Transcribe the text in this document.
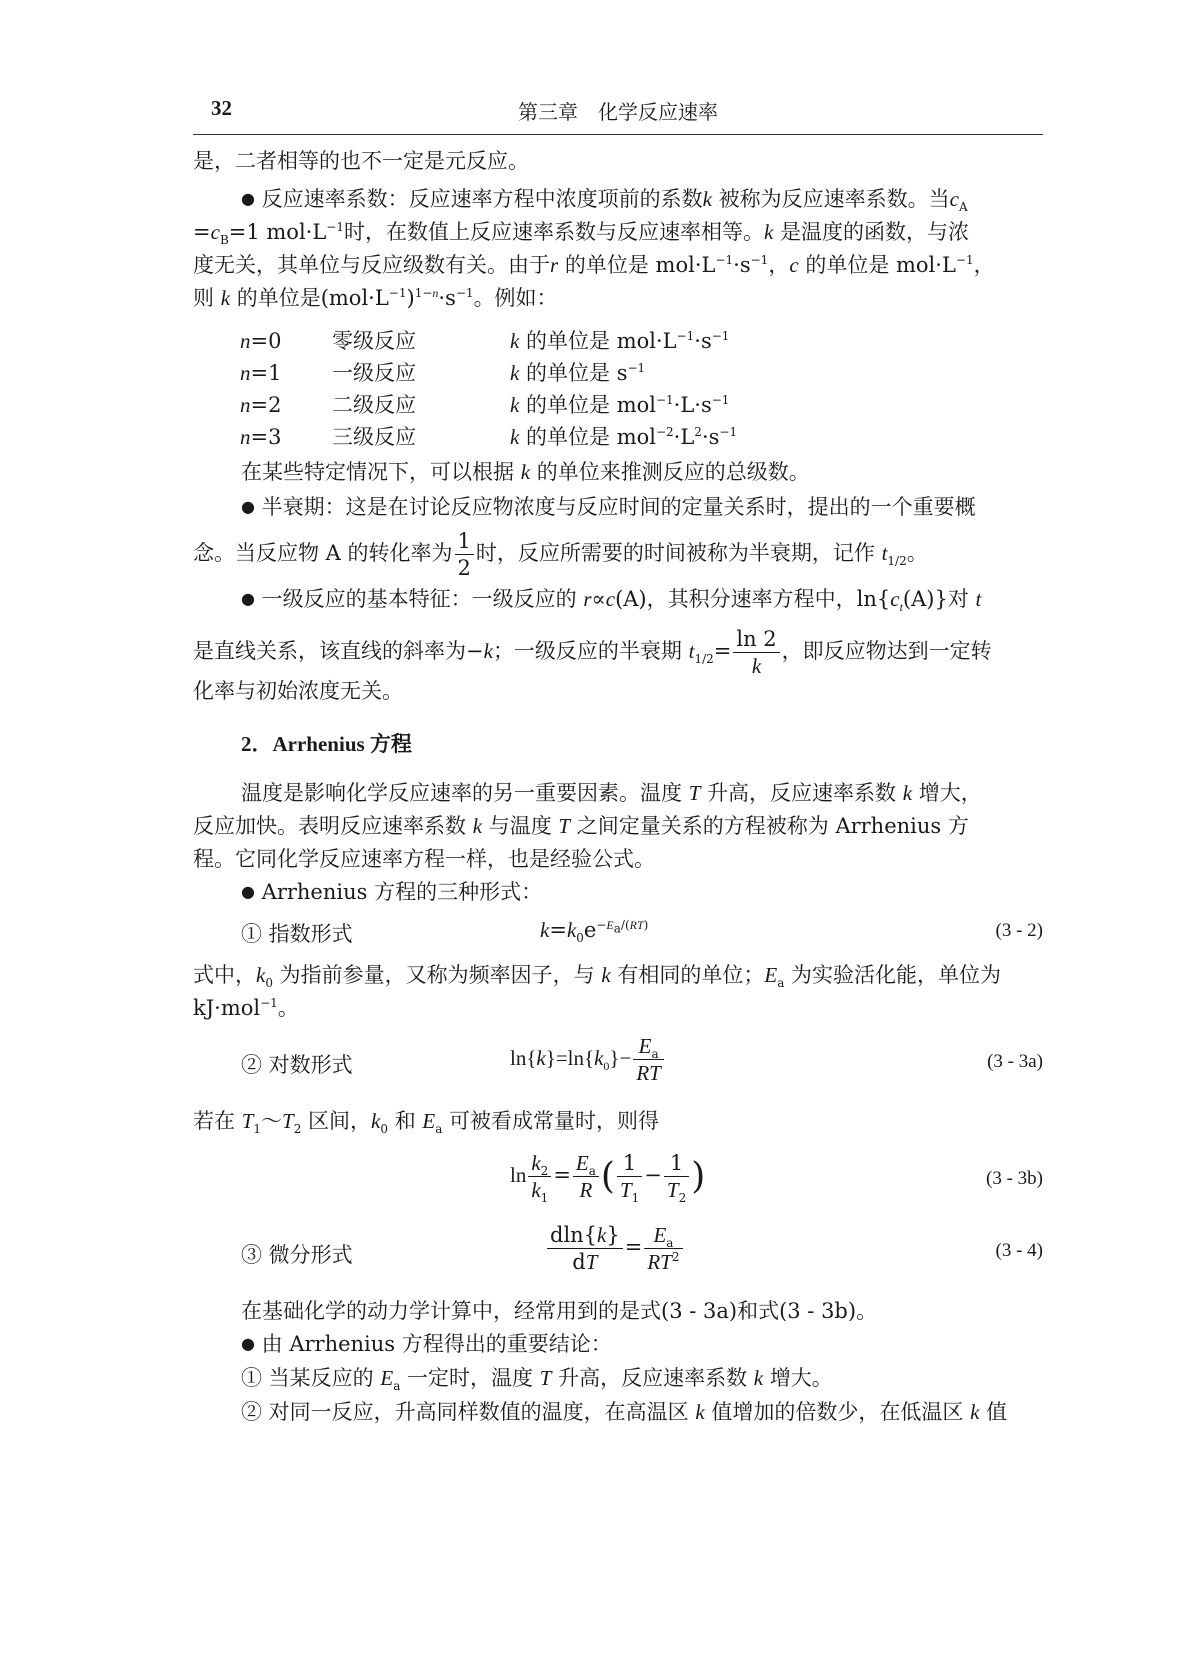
32	第三章　化学反应速率
是，二者相等的也不一定是元反应。
● 反应速率系数：反应速率方程中浓度项前的系数k 被称为反应速率系数。当$c_A$
$=c_B=1$ $mol\cdot L^{-1}$时，在数值上反应速率系数与反应速率相等。k 是温度的函数，与浓
度无关，其单位与反应级数有关。由于r 的单位是 $mol\cdot L^{-1}\cdot s^{-1}$，c 的单位是 $mol\cdot L^{-1}$，
则 k 的单位是$(mol\cdot L^{-1})^{1-n}\cdot s^{-1}$。例如：
n=0 零级反应	k 的单位是 $mol\cdot L^{-1}\cdot s^{-1}$
n=1 一级反应	k 的单位是 $s^{-1}$
n=2 二级反应	k 的单位是 $mol^{-1}\cdot L\cdot s^{-1}$
n=3 三级反应	k 的单位是 $mol^{-2}\cdot L^2\cdot s^{-1}$
在某些特定情况下，可以根据 k 的单位来推测反应的总级数。
● 半衰期：这是在讨论反应物浓度与反应时间的定量关系时，提出的一个重要概
念。当反应物 A 的转化率为 $\frac{1}{2}$ 时，反应所需要的时间被称为半衰期，记作 $t_{1/2}$。
● 一级反应的基本特征：一级反应的 r∝c(A)，其积分速率方程中，$\ln\{c_t(A)\}$对 t
是直线关系，该直线的斜率为−k；一级反应的半衰期 $t_{1/2}= \frac{\ln 2}{k}$ ，即反应物达到一定转
化率与初始浓度无关。
2．Arrhenius 方程
温度是影响化学反应速率的另一重要因素。温度 T 升高，反应速率系数 k 增大，
反应加快。表明反应速率系数 k 与温度 T 之间定量关系的方程被称为 Arrhenius 方
程。它同化学反应速率方程一样，也是经验公式。
● Arrhenius 方程的三种形式：
① 指数形式	$k=k_0e^{-E_a/(RT)}$	(3 - 2)
式中，$k_0$ 为指前参量，又称为频率因子，与 k 有相同的单位；$E_a$ 为实验活化能，单位为
kJ·mol$^{-1}$。
② 对数形式	$\ln\{k\}=\ln\{k_0\}- \frac{E_a}{RT}$	(3 - 3a)
若在 $T_1\sim T_2$ 区间，$k_0$ 和 $E_a$ 可被看成常量时，则得
$\ln \frac{k_2}{k_1} = \frac{E_a}{R}$ ( $\frac{1}{T_1} - \frac{1}{T_2}$ )	(3 - 3b)
③ 微分形式	$\frac{dln\{k\}}{dT} = \frac{E_a}{RT^2}$	(3 - 4)
在基础化学的动力学计算中，经常用到的是式(3 - 3a)和式(3 - 3b)。
● 由 Arrhenius 方程得出的重要结论：
① 当某反应的 $E_a$ 一定时，温度 T 升高，反应速率系数 k 增大。
② 对同一反应，升高同样数值的温度，在高温区 k 值增加的倍数少，在低温区 k 值
